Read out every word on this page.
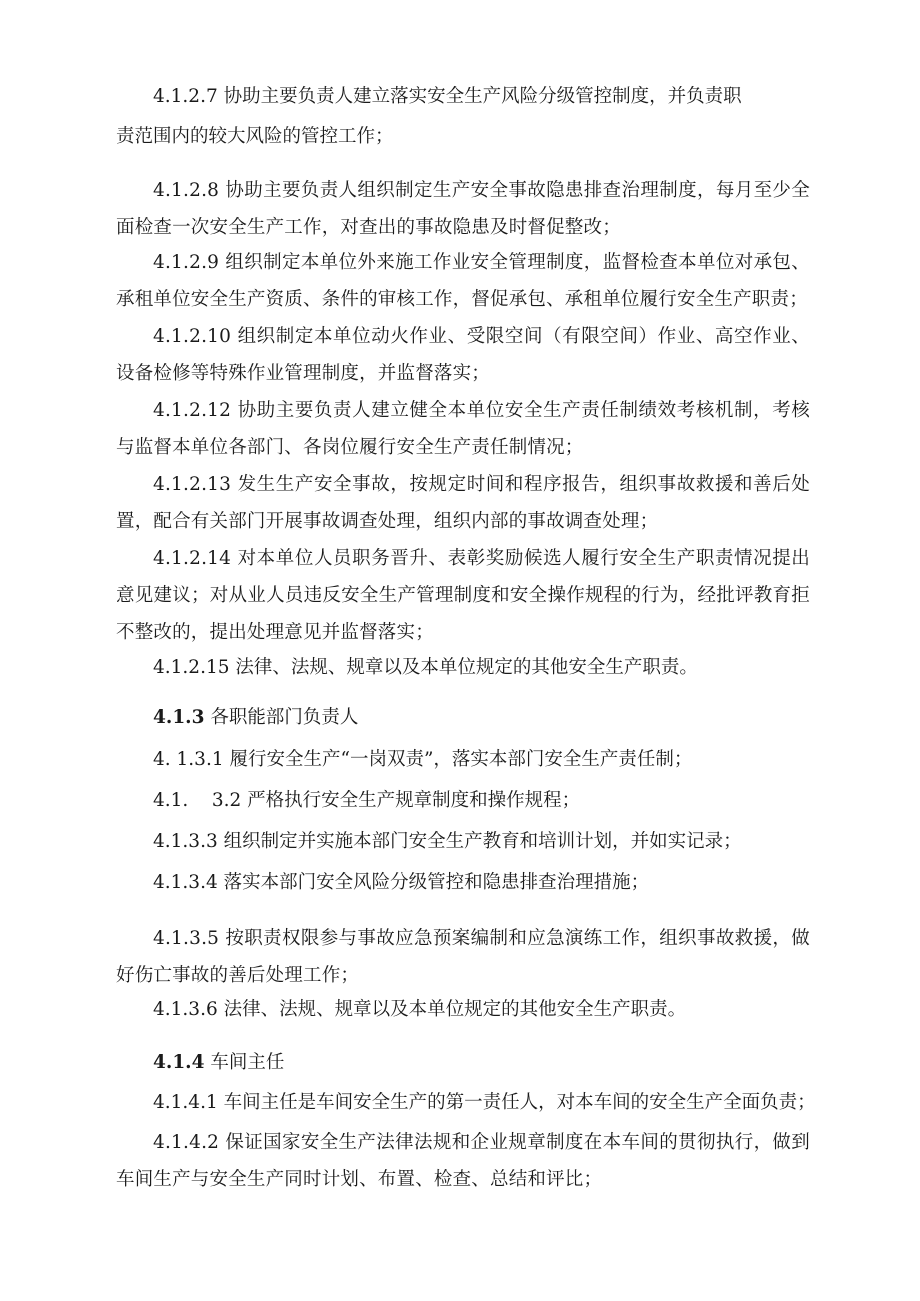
4.1.2.7 协助主要负责人建立落实安全生产风险分级管控制度，并负责职

责范围内的较大风险的管控工作；

4.1.2.8 协助主要负责人组织制定生产安全事故隐患排查治理制度，每月至少全面检查一次安全生产工作，对查出的事故隐患及时督促整改；

4.1.2.9 组织制定本单位外来施工作业安全管理制度，监督检查本单位对承包、承租单位安全生产资质、条件的审核工作，督促承包、承租单位履行安全生产职责；

4.1.2.10 组织制定本单位动火作业、受限空间（有限空间）作业、高空作业、设备检修等特殊作业管理制度，并监督落实；

4.1.2.12 协助主要负责人建立健全本单位安全生产责任制绩效考核机制，考核与监督本单位各部门、各岗位履行安全生产责任制情况；

4.1.2.13 发生生产安全事故，按规定时间和程序报告，组织事故救援和善后处置，配合有关部门开展事故调查处理，组织内部的事故调查处理；

4.1.2.14 对本单位人员职务晋升、表彰奖励候选人履行安全生产职责情况提出意见建议；对从业人员违反安全生产管理制度和安全操作规程的行为，经批评教育拒不整改的，提出处理意见并监督落实；

4.1.2.15 法律、法规、规章以及本单位规定的其他安全生产职责。

4.1.3 各职能部门负责人

4. 1.3.1 履行安全生产“一岗双责”，落实本部门安全生产责任制；

4.1.    3.2 严格执行安全生产规章制度和操作规程；

4.1.3.3 组织制定并实施本部门安全生产教育和培训计划，并如实记录；

4.1.3.4 落实本部门安全风险分级管控和隐患排查治理措施；

4.1.3.5 按职责权限参与事故应急预案编制和应急演练工作，组织事故救援，做好伤亡事故的善后处理工作；

4.1.3.6 法律、法规、规章以及本单位规定的其他安全生产职责。

4.1.4 车间主任

4.1.4.1 车间主任是车间安全生产的第一责任人，对本车间的安全生产全面负责；

4.1.4.2 保证国家安全生产法律法规和企业规章制度在本车间的贯彻执行，做到车间生产与安全生产同时计划、布置、检查、总结和评比；
